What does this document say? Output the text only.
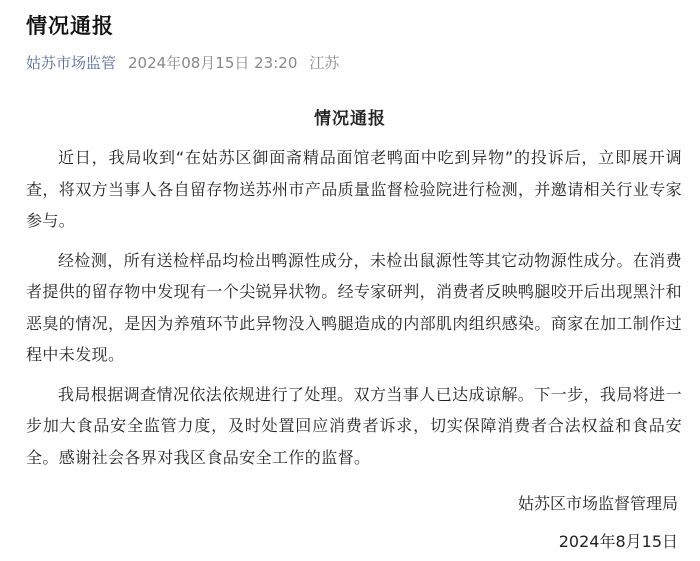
情况通报
姑苏市场监管 2024年08月15日 23:20 江苏
情况通报

近日，我局收到“在姑苏区御面斋精品面馆老鸭面中吃到异物”的投诉后，立即展开调查，将双方当事人各自留存物送苏州市产品质量监督检验院进行检测，并邀请相关行业专家参与。

经检测，所有送检样品均检出鸭源性成分，未检出鼠源性等其它动物源性成分。在消费者提供的留存物中发现有一个尖锐异状物。经专家研判，消费者反映鸭腿咬开后出现黑汁和恶臭的情况，是因为养殖环节此异物没入鸭腿造成的内部肌肉组织感染。商家在加工制作过程中未发现。

我局根据调查情况依法依规进行了处理。双方当事人已达成谅解。下一步，我局将进一步加大食品安全监管力度，及时处置回应消费者诉求，切实保障消费者合法权益和食品安全。感谢社会各界对我区食品安全工作的监督。

姑苏区市场监督管理局
2024年8月15日
